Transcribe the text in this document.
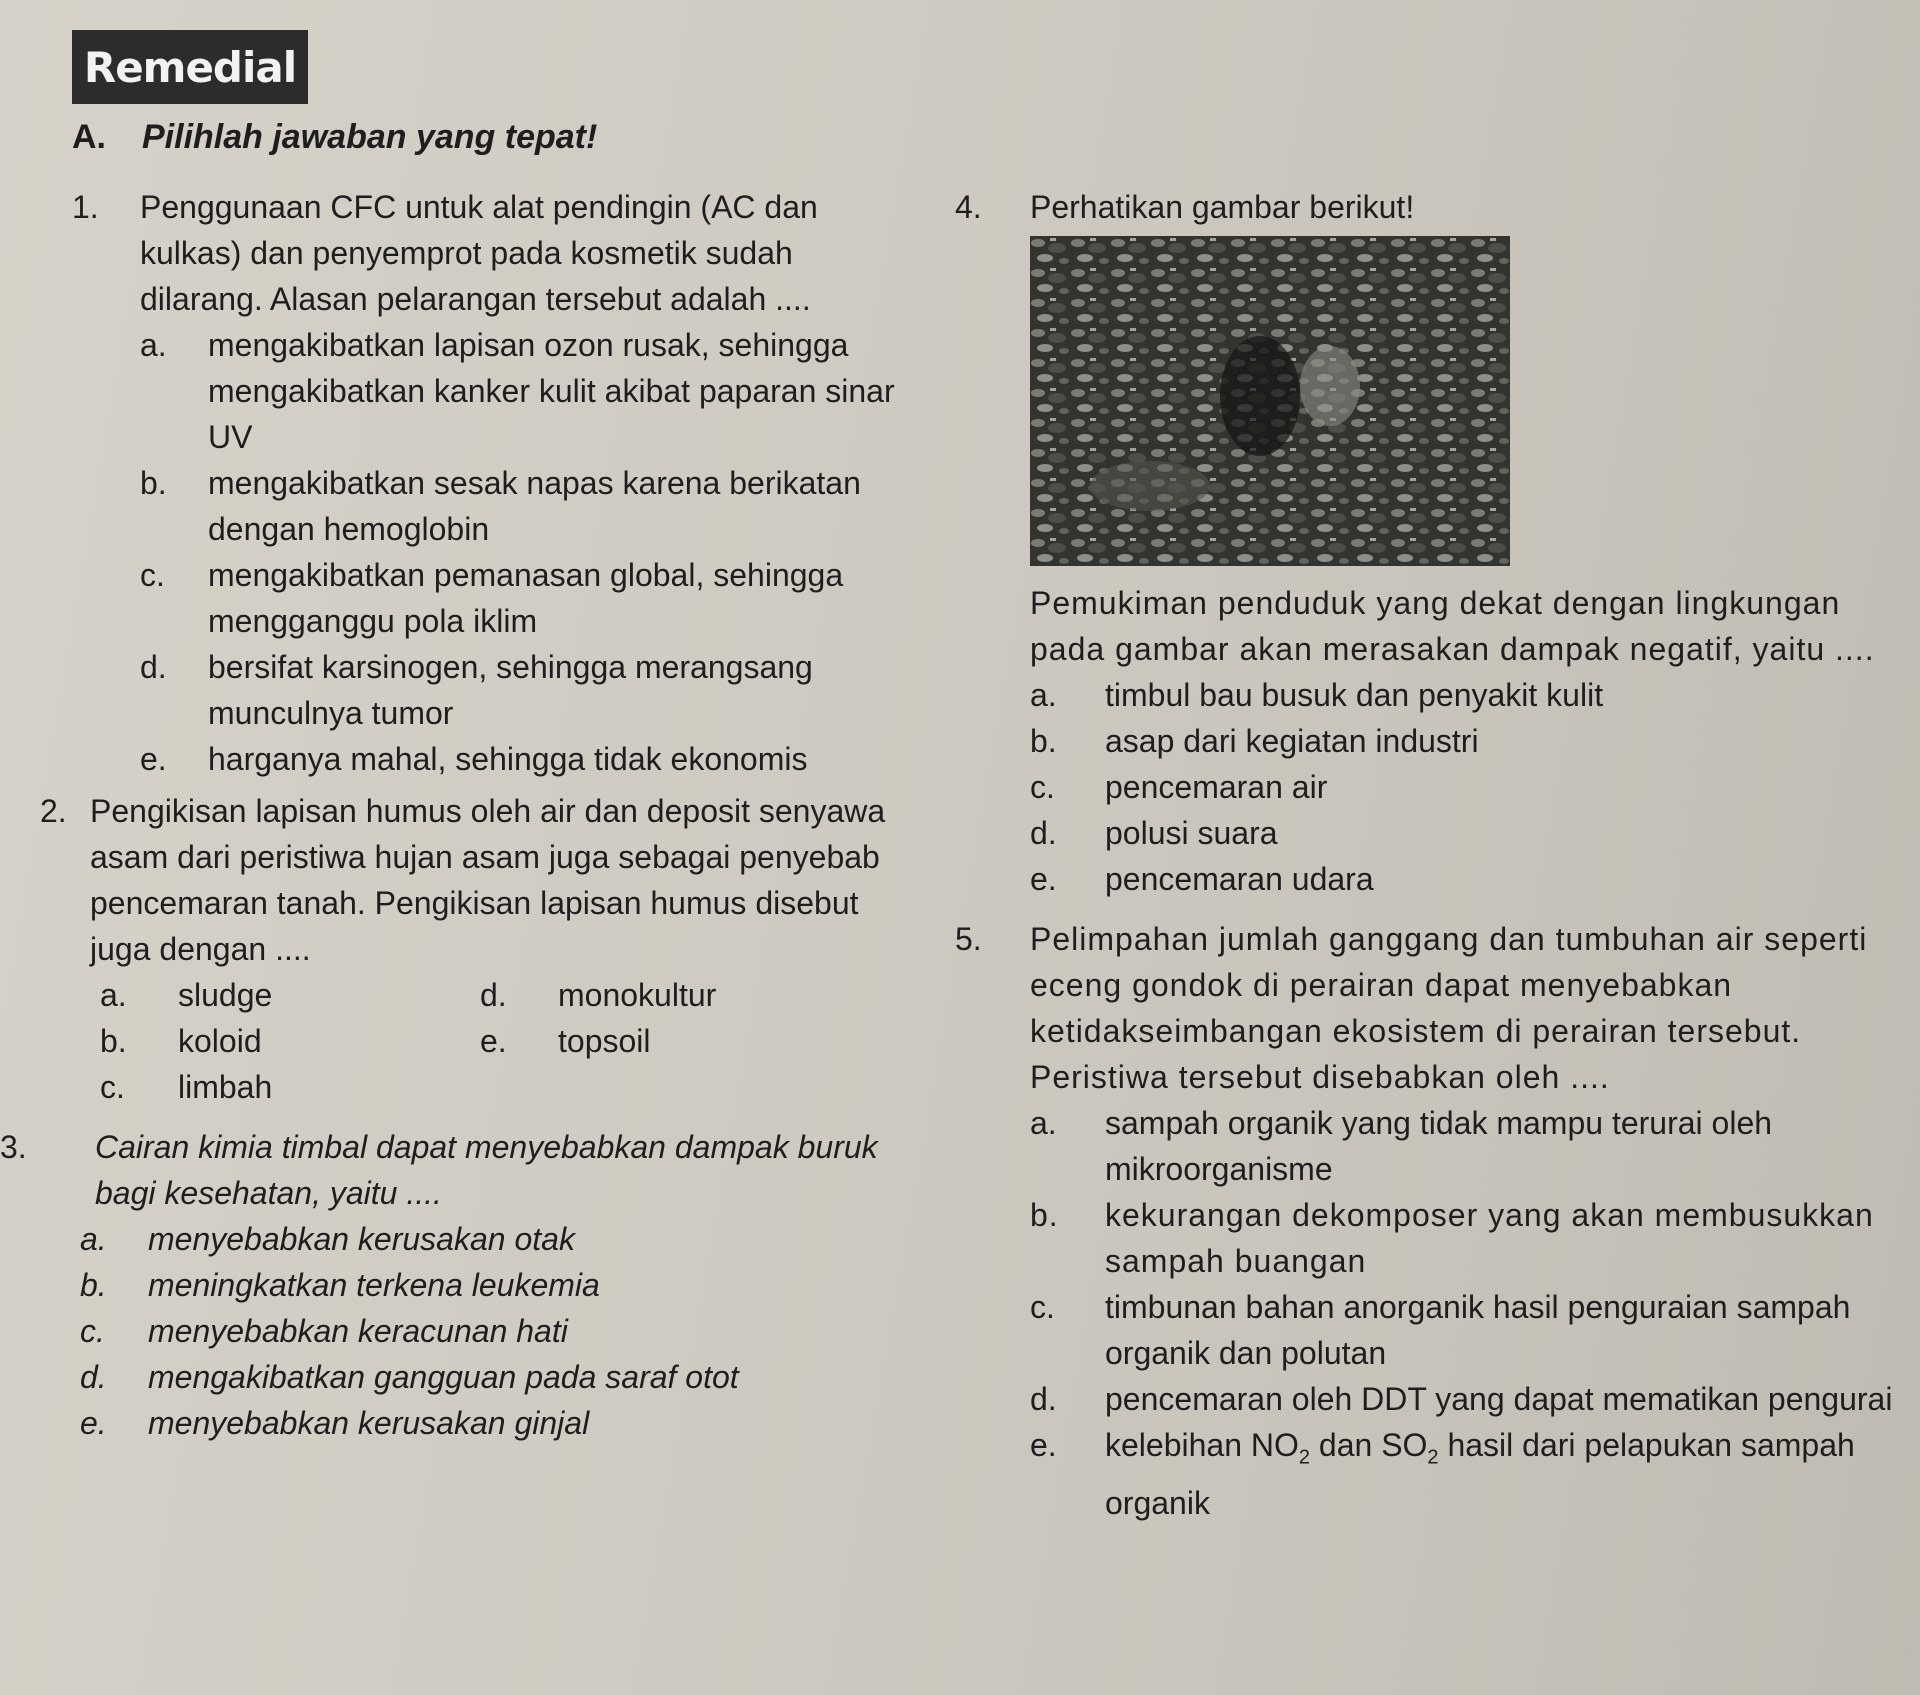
Remedial
A. Pilihlah jawaban yang tepat!
1.	Penggunaan CFC untuk alat pendingin (AC dan kulkas) dan penyemprot pada kosmetik sudah dilarang. Alasan pelarangan tersebut adalah ....

a. mengakibatkan lapisan ozon rusak, sehingga mengakibatkan kanker kulit akibat paparan sinar UV
b. mengakibatkan sesak napas karena berikatan dengan hemoglobin
c. mengakibatkan pemanasan global, sehingga mengganggu pola iklim
d. bersifat karsinogen, sehingga merangsang munculnya tumor
e. harganya mahal, sehingga tidak ekonomis
2. Pengikisan lapisan humus oleh air dan deposit senyawa asam dari peristiwa hujan asam juga sebagai penyebab pencemaran tanah. Pengikisan lapisan humus disebut juga dengan ....

a. sludge	d. monokultur
b. koloid	e. topsoil
c. limbah
3.	Cairan kimia timbal dapat menyebabkan dampak buruk bagi kesehatan, yaitu ....

a. menyebabkan kerusakan otak
b. meningkatkan terkena leukemia
c. menyebabkan keracunan hati
d. mengakibatkan gangguan pada saraf otot
e. menyebabkan kerusakan ginjal
4.	Perhatikan gambar berikut!

Pemukiman penduduk yang dekat dengan lingkungan pada gambar akan merasakan dampak negatif, yaitu ....

a. timbul bau busuk dan penyakit kulit
b. asap dari kegiatan industri
c. pencemaran air
d. polusi suara
e. pencemaran udara
5.	Pelimpahan jumlah ganggang dan tumbuhan air seperti eceng gondok di perairan dapat menyebabkan ketidakseimbangan ekosistem di perairan tersebut. Peristiwa tersebut disebabkan oleh ....

a. sampah organik yang tidak mampu terurai oleh mikroorganisme
b. kekurangan dekomposer yang akan membusukkan sampah buangan
c. timbunan bahan anorganik hasil penguraian sampah organik dan polutan
d. pencemaran oleh DDT yang dapat mematikan pengurai
e. kelebihan $NO_2$ dan $SO_2$ hasil dari pelapukan sampah organik
